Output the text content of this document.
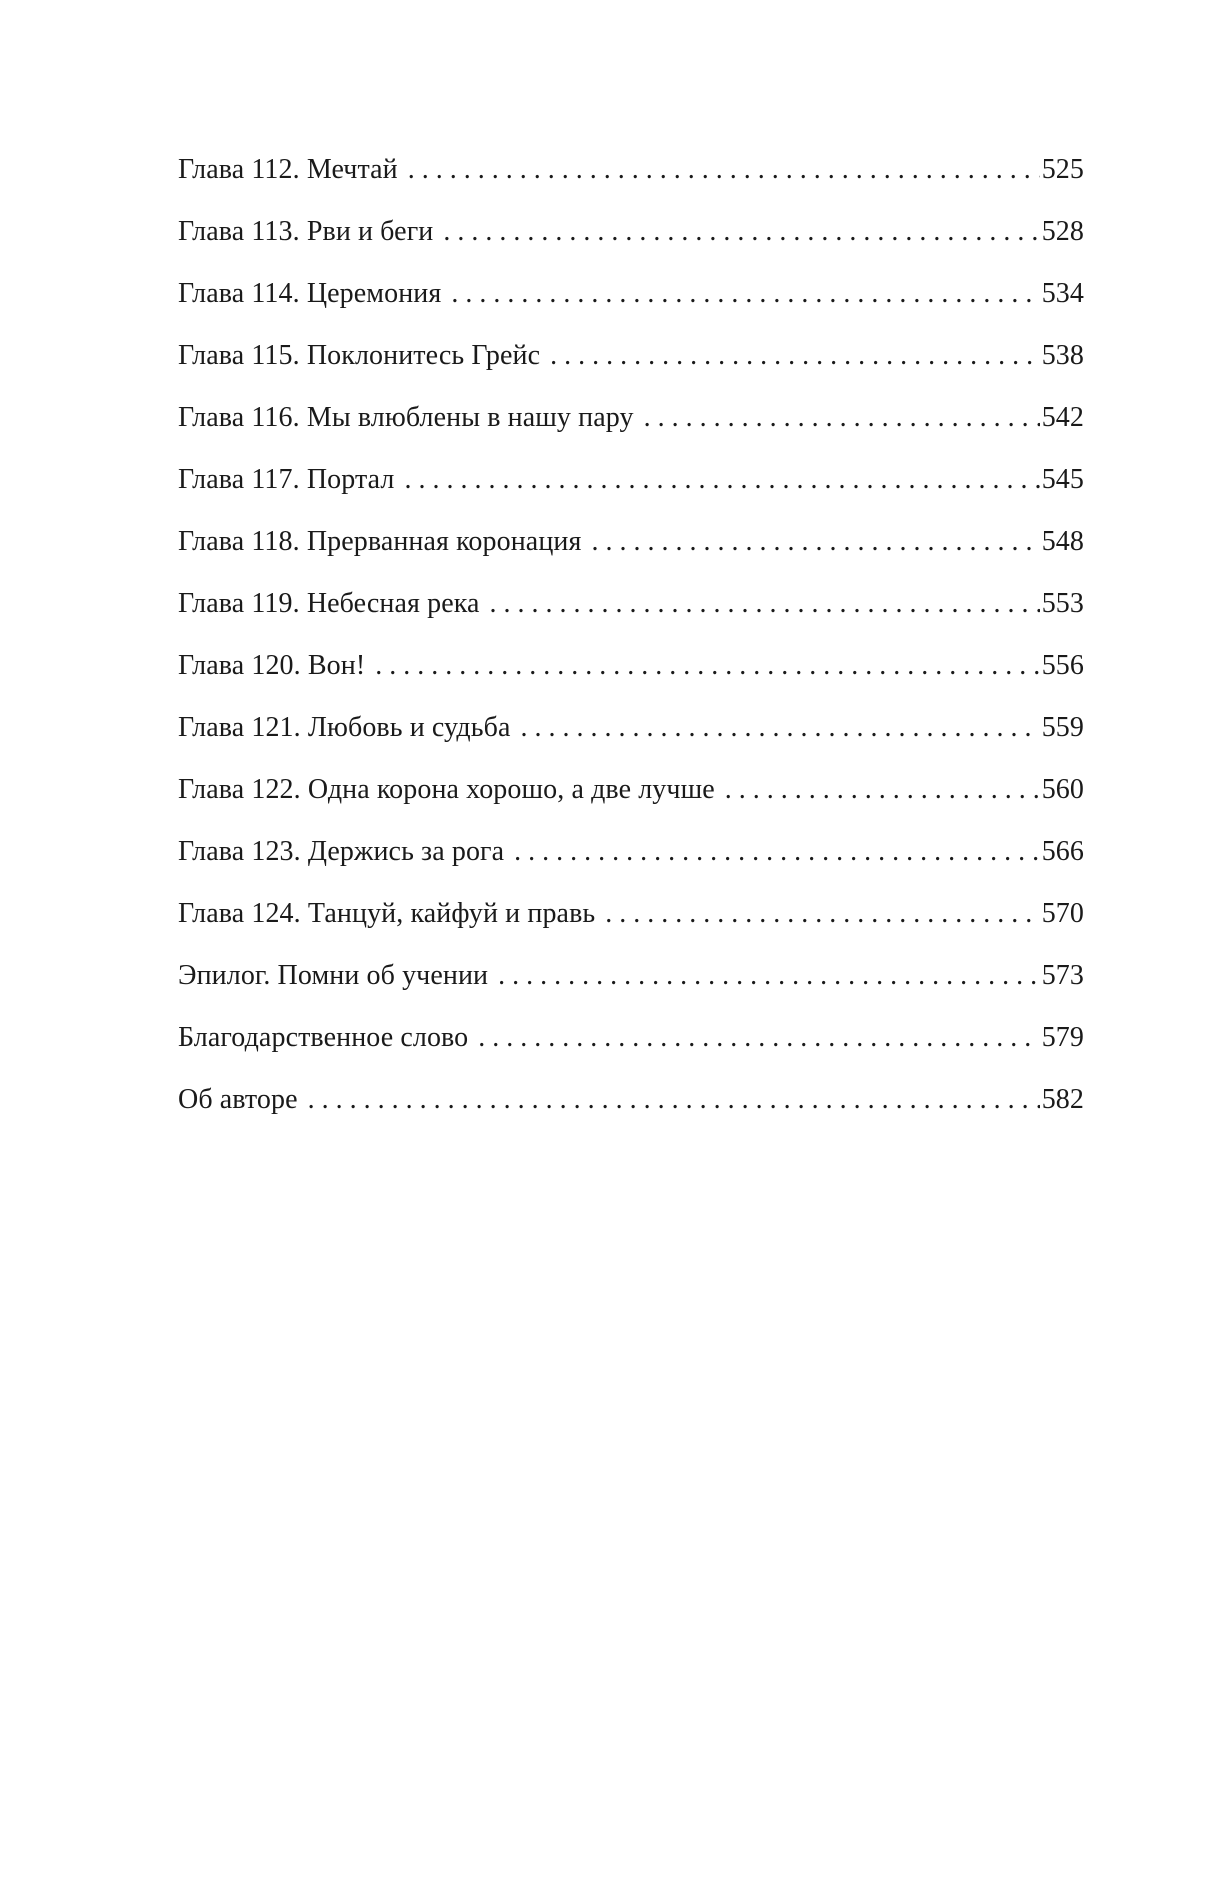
Глава 112. Мечтай . . .	525
Глава 113. Рви и беги . . .	528
Глава 114. Церемония . . .	534
Глава 115. Поклонитесь Грейс . . .	538
Глава 116. Мы влюблены в нашу пару . . .	542
Глава 117. Портал . . .	545
Глава 118. Прерванная коронация . . .	548
Глава 119. Небесная река . . .	553
Глава 120. Вон! . . .	556
Глава 121. Любовь и судьба . . .	559
Глава 122. Одна корона хорошо, а две лучше . . .	560
Глава 123. Держись за рога . . .	566
Глава 124. Танцуй, кайфуй и правь . . .	570
Эпилог. Помни об учении . . .	573
Благодарственное слово . . .	579
Об авторе . . .	582
